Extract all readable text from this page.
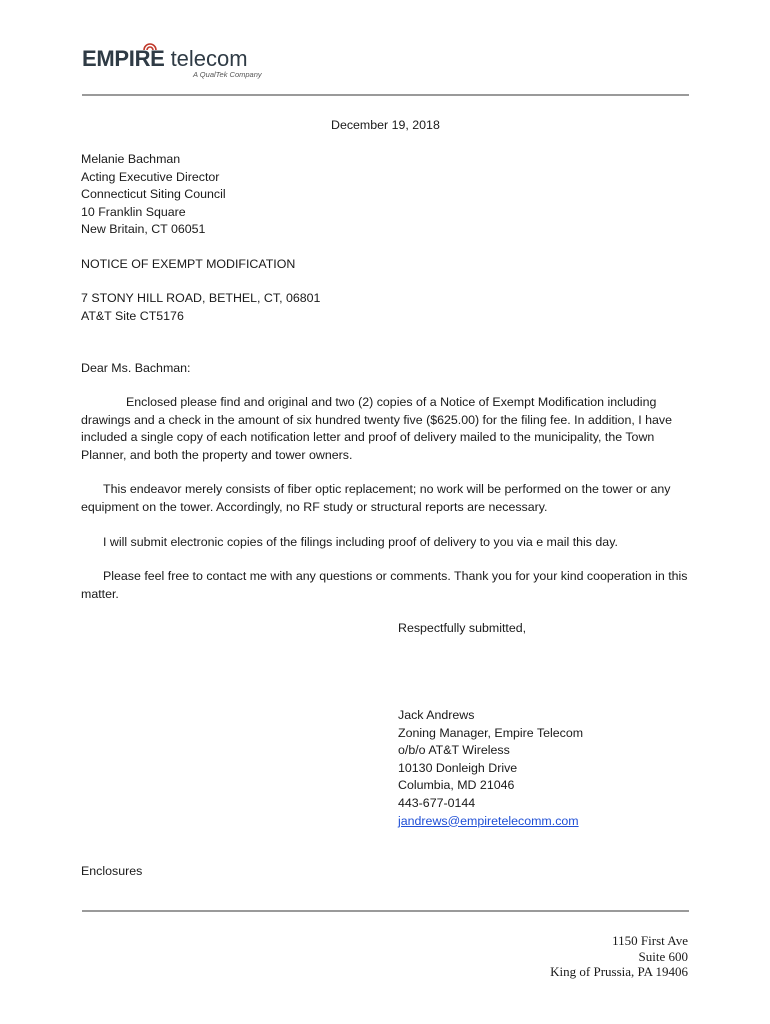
EMPIRE telecom
A QualTek Company
December 19, 2018
Melanie Bachman
Acting Executive Director
Connecticut Siting Council
10 Franklin Square
New Britain, CT 06051
NOTICE OF EXEMPT MODIFICATION
7 STONY HILL ROAD, BETHEL, CT, 06801
AT&T Site CT5176
Dear Ms. Bachman:
Enclosed please find and original and two (2) copies of a Notice of Exempt Modification including drawings and a check in the amount of six hundred twenty five ($625.00) for the filing fee. In addition, I have included a single copy of each notification letter and proof of delivery mailed to the municipality, the Town Planner, and both the property and tower owners.
This endeavor merely consists of fiber optic replacement; no work will be performed on the tower or any equipment on the tower. Accordingly, no RF study or structural reports are necessary.
I will submit electronic copies of the filings including proof of delivery to you via e mail this day.
Please feel free to contact me with any questions or comments. Thank you for your kind cooperation in this matter.
Respectfully submitted,
Jack Andrews
Zoning Manager, Empire Telecom
o/b/o AT&T Wireless
10130 Donleigh Drive
Columbia, MD 21046
443-677-0144
jandrews@empiretelecomm.com
Enclosures
1150 First Ave
Suite 600
King of Prussia, PA 19406
